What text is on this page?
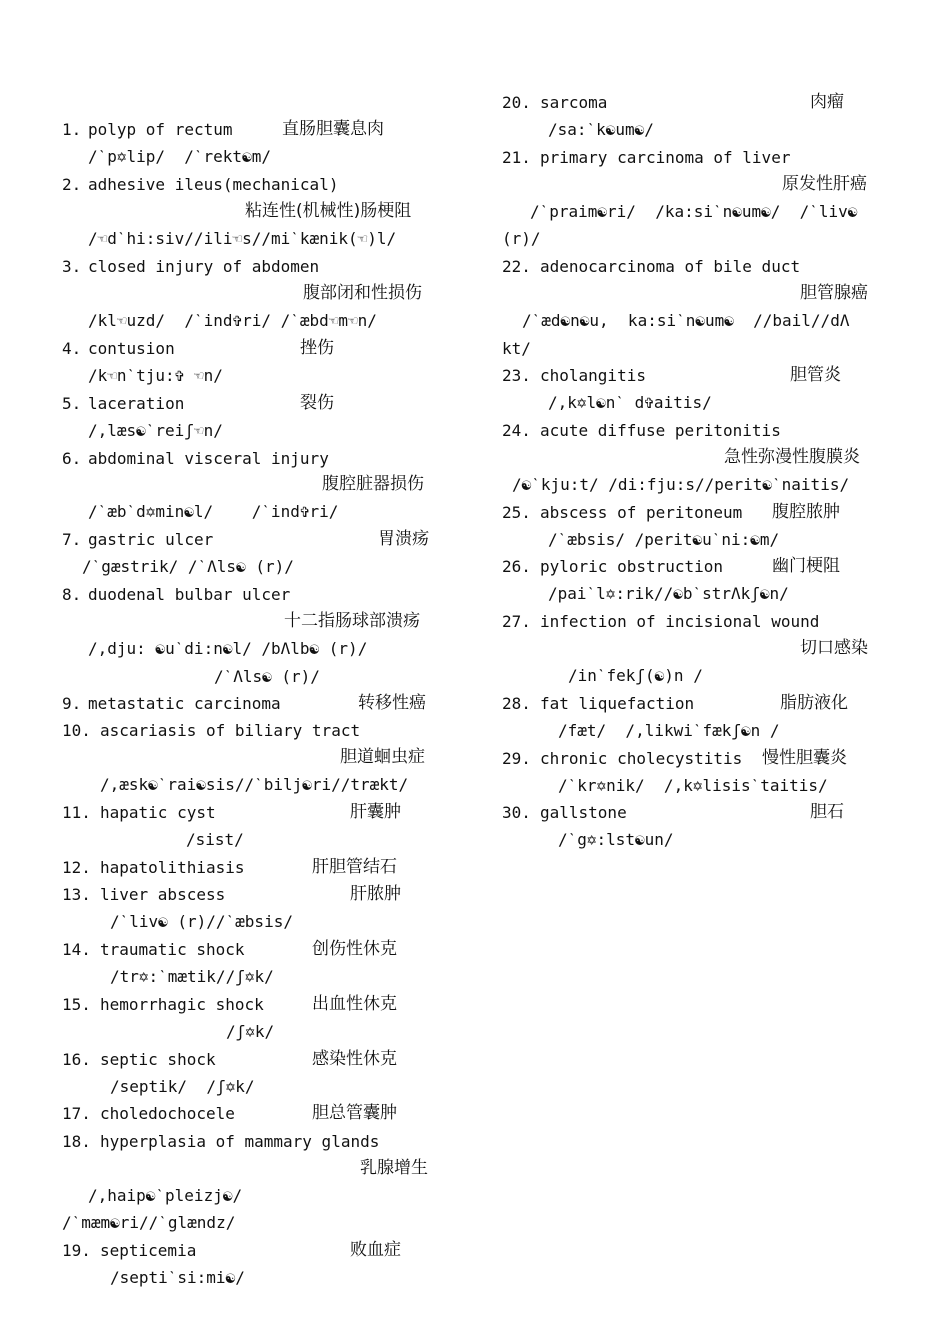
1. polyp of rectum	直肠胆囊息肉
/ˋp✡lip/  /ˋrekt☯m/
2. adhesive ileus(mechanical)
粘连性(机械性)肠梗阻
/☜dˋhi:siv//ili☜s//miˋkænik(☜)l/
3. closed injury of abdomen
腹部闭和性损伤
/kl☜uzd/  /ˋind✞ri/ /ˋæbd☜m☜n/
4. contusion	挫伤
/k☜nˋtju:✞ ☜n/
5. laceration	裂伤
/,læs☯ˋreiʃ☜n/
6. abdominal visceral injury
腹腔脏器损伤
/ˋæbˋd✡min☯l/    /ˋind✞ri/
7. gastric ulcer	胃溃疡
/ˋgæstrik/ /ˋΛls☯ (r)/
8. duodenal bulbar ulcer
十二指肠球部溃疡
/,dju: ☯uˋdi:n☯l/ /bΛlb☯ (r)/
/ˋΛls☯ (r)/
9. metastatic carcinoma	转移性癌
10. ascariasis of biliary tract
胆道蛔虫症
/,æsk☯ˋrai☯sis//ˋbilj☯ri//trækt/
11. hapatic cyst	肝囊肿
/sist/
12. hapatolithiasis	肝胆管结石
13. liver abscess	肝脓肿
/ˋliv☯ (r)//ˋæbsis/
14. traumatic shock	创伤性休克
/tr✡:ˋmætik//ʃ✡k/
15. hemorrhagic shock	出血性休克
/ʃ✡k/
16. septic shock	感染性休克
/septik/  /ʃ✡k/
17. choledochocele	胆总管囊肿
18. hyperplasia of mammary glands
乳腺增生
/,haip☯ˋpleizj☯/
/ˋmæm☯ri//ˋglændz/
19. septicemia	败血症
/septiˋsi:mi☯/
20. sarcoma	肉瘤
/sa:ˋk☯um☯/
21. primary carcinoma of liver
原发性肝癌
/ˋpraim☯ri/  /ka:siˋn☯um☯/  /ˋliv☯
(r)/
22. adenocarcinoma of bile duct
胆管腺癌
/ˋæd☯n☯u,  ka:siˋn☯um☯  //bail//dΛ
kt/
23. cholangitis	胆管炎
/,k✡l☯nˋ d✞aitis/
24. acute diffuse peritonitis
急性弥漫性腹膜炎
/☯ˋkju:t/ /di:fju:s//perit☯ˋnaitis/
25. abscess of peritoneum 腹腔脓肿
/ˋæbsis/ /perit☯uˋni:☯m/
26. pyloric obstruction	幽门梗阻
/paiˋl✡:rik//☯bˋstrΛkʃ☯n/
27. infection of incisional wound
切口感染
/inˋfekʃ(☯)n /
28. fat liquefaction	脂肪液化
/fæt/  /,likwiˋfækʃ☯n /
29. chronic cholecystitis 慢性胆囊炎
/ˋkr✡nik/  /,k✡lisisˋtaitis/
30. gallstone	胆石
/ˋg✡:lst☯un/
